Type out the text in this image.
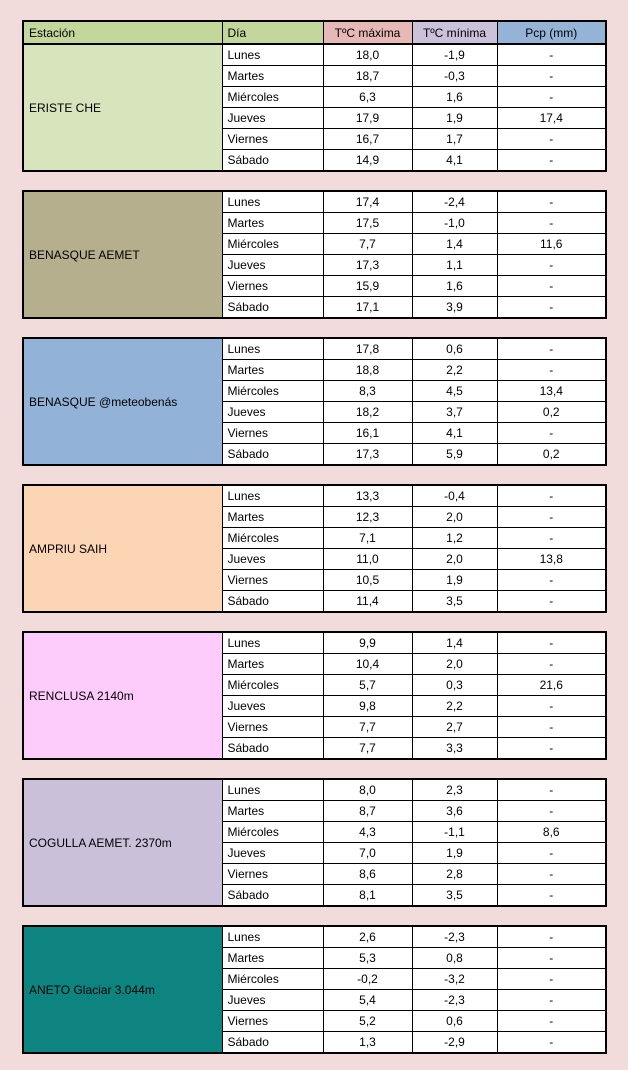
Estación	Día	TºC máxima	TºC mínima	Pcp (mm)
ERISTE CHE	Lunes	18,0	-1,9	-
	Martes	18,7	-0,3	-
	Miércoles	6,3	1,6	-
	Jueves	17,9	1,9	17,4
	Viernes	16,7	1,7	-
	Sábado	14,9	4,1	-
BENASQUE AEMET	Lunes	17,4	-2,4	-
	Martes	17,5	-1,0	-
	Miércoles	7,7	1,4	11,6
	Jueves	17,3	1,1	-
	Viernes	15,9	1,6	-
	Sábado	17,1	3,9	-
BENASQUE @meteobenás	Lunes	17,8	0,6	-
	Martes	18,8	2,2	-
	Miércoles	8,3	4,5	13,4
	Jueves	18,2	3,7	0,2
	Viernes	16,1	4,1	-
	Sábado	17,3	5,9	0,2
AMPRIU SAIH	Lunes	13,3	-0,4	-
	Martes	12,3	2,0	-
	Miércoles	7,1	1,2	-
	Jueves	11,0	2,0	13,8
	Viernes	10,5	1,9	-
	Sábado	11,4	3,5	-
RENCLUSA 2140m	Lunes	9,9	1,4	-
	Martes	10,4	2,0	-
	Miércoles	5,7	0,3	21,6
	Jueves	9,8	2,2	-
	Viernes	7,7	2,7	-
	Sábado	7,7	3,3	-
COGULLA AEMET. 2370m	Lunes	8,0	2,3	-
	Martes	8,7	3,6	-
	Miércoles	4,3	-1,1	8,6
	Jueves	7,0	1,9	-
	Viernes	8,6	2,8	-
	Sábado	8,1	3,5	-
ANETO Glaciar 3.044m	Lunes	2,6	-2,3	-
	Martes	5,3	0,8	-
	Miércoles	-0,2	-3,2	-
	Jueves	5,4	-2,3	-
	Viernes	5,2	0,6	-
	Sábado	1,3	-2,9	-
